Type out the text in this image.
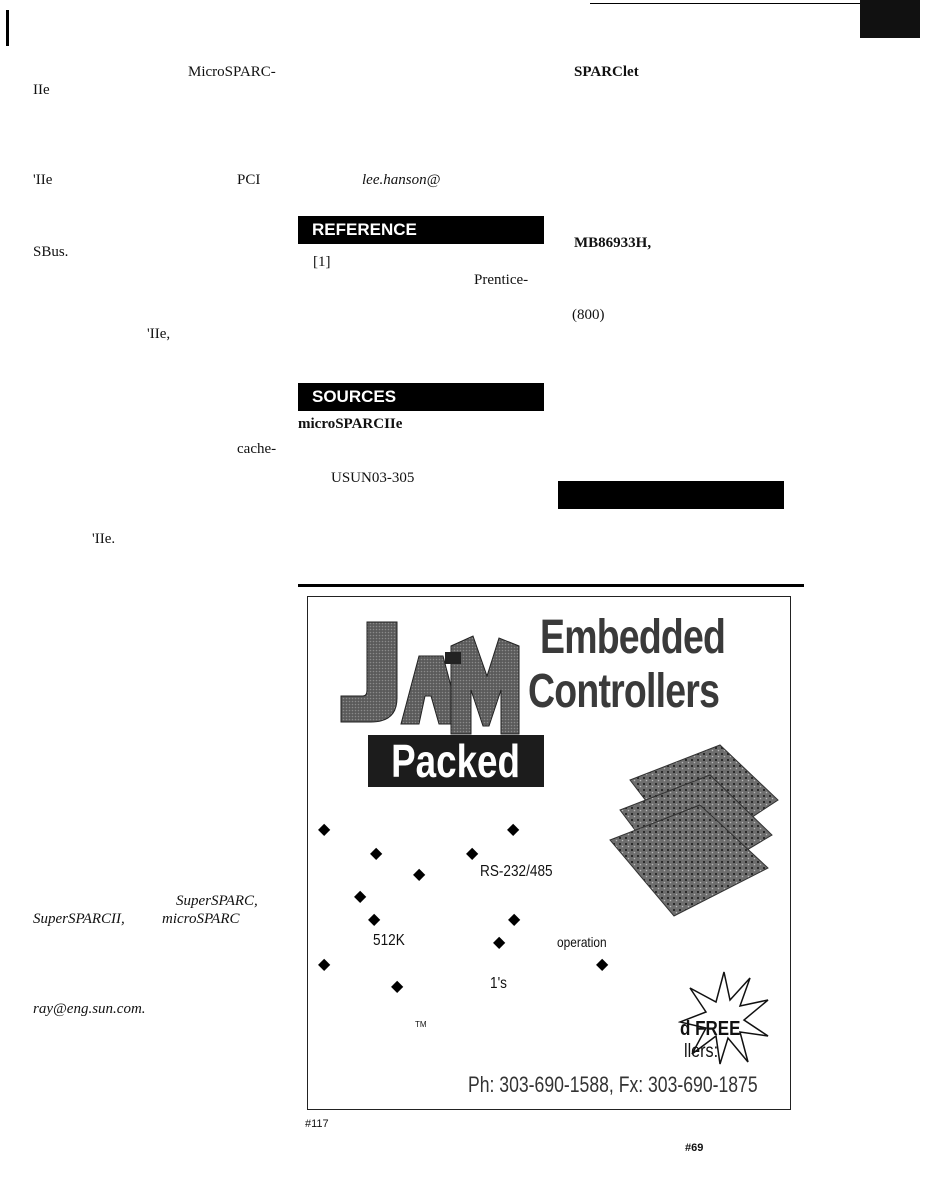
MicroSPARC-
IIe
'IIe	PCI
SBus.
'IIe,
cache-
'IIe.
SuperSPARC,
SuperSPARCII, microSPARC
ray@eng.sun.com.
lee.hanson@
REFERENCE
[1]
Prentice-
SOURCES
microSPARCIIe
USUN03-305
SPARClet
MB86933H,
(800)
Embedded
Controllers
Packed
◆	◆
◆	◆
◆	RS-232/485
◆
◆	◆
512K	◆	operation
◆	◆
◆	1's
TM	d FREE
llers:
Ph: 303-690-1588, Fx: 303-690-1875
#117
#69
